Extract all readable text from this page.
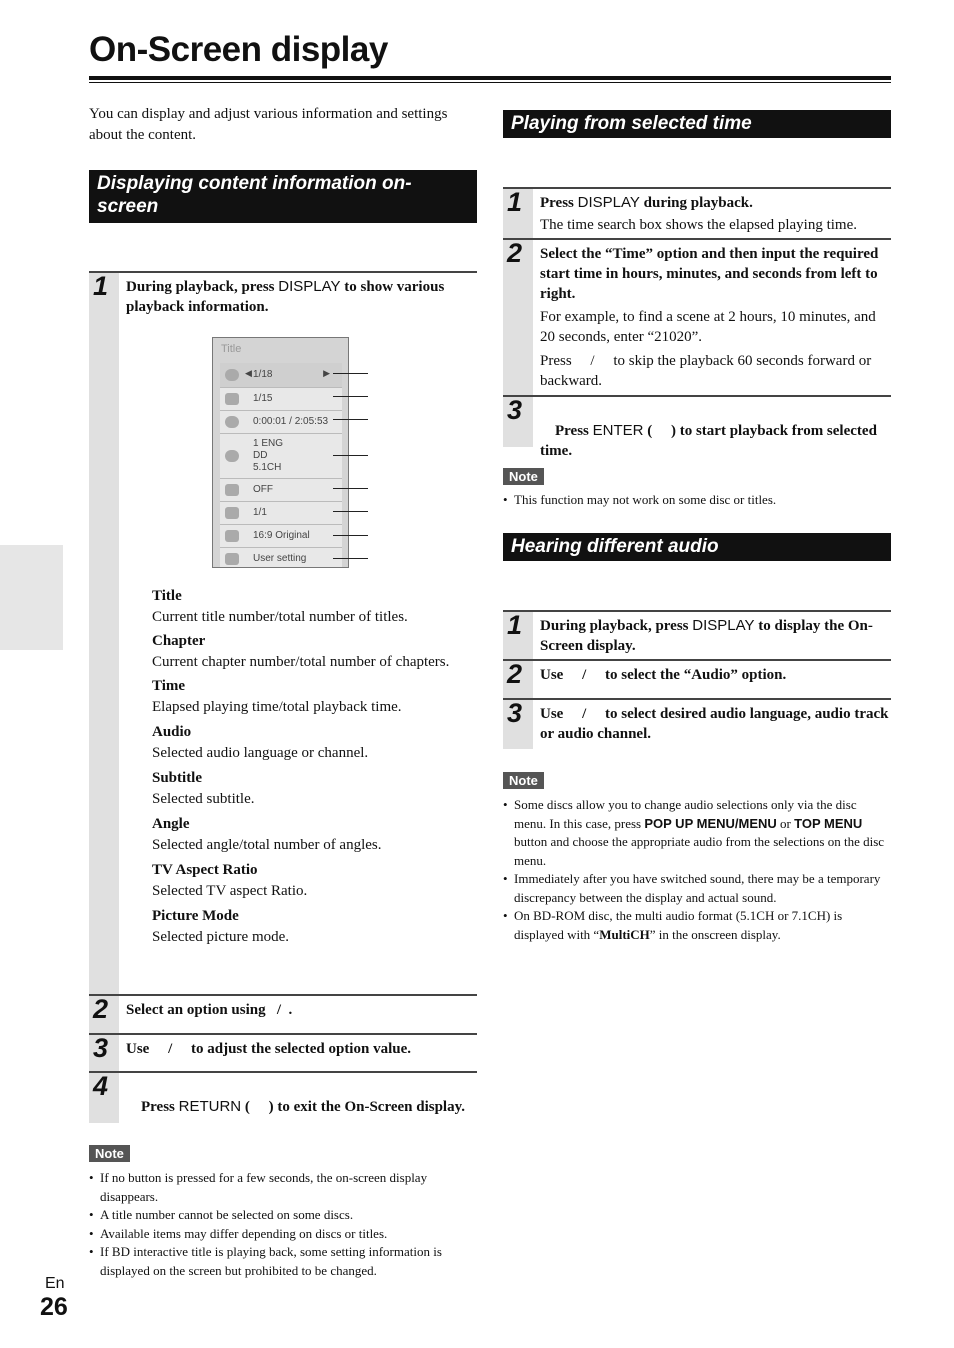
On-Screen display
You can display and adjust various information and settings about the content.
Displaying content information on-screen
1 During playback, press DISPLAY to show various playback information.
Title
◀ 1/18	▶
1/15
0:00:01 / 2:05:53
1 ENG
DD
5.1CH
OFF
1/1
16:9 Original
User setting
Title
Current title number/total number of titles.
Chapter
Current chapter number/total number of chapters.
Time
Elapsed playing time/total playback time.
Audio
Selected audio language or channel.
Subtitle
Selected subtitle.
Angle
Selected angle/total number of angles.
TV Aspect Ratio
Selected TV aspect Ratio.
Picture Mode
Selected picture mode.
2 Select an option using   /  .
3 Use     /     to adjust the selected option value.
4

Press RETURN (     ) to exit the On-Screen display.

Note
• If no button is pressed for a few seconds, the on-screen display disappears.
• A title number cannot be selected on some discs.
• Available items may differ depending on discs or titles.
• If BD interactive title is playing back, some setting information is displayed on the screen but prohibited to be changed.
Playing from selected time
1 Press DISPLAY during playback.
The time search box shows the elapsed playing time.
2 Select the “Time” option and then input the required start time in hours, minutes, and seconds from left to right.
For example, to find a scene at 2 hours, 10 minutes, and 20 seconds, enter “21020”.
Press     /     to skip the playback 60 seconds forward or backward.
3

Press ENTER (     ) to start playback from selected time.

Note
• This function may not work on some disc or titles.
Hearing different audio
1 During playback, press DISPLAY to display the On-Screen display.
2 Use     /     to select the “Audio” option.
3 Use     /     to select desired audio language, audio track or audio channel.
Note
• Some discs allow you to change audio selections only via the disc menu. In this case, press POP UP MENU/MENU or TOP MENU button and choose the appropriate audio from the selections on the disc menu.
• Immediately after you have switched sound, there may be a temporary discrepancy between the display and actual sound.
• On BD-ROM disc, the multi audio format (5.1CH or 7.1CH) is displayed with “MultiCH” in the onscreen display.
En
26
